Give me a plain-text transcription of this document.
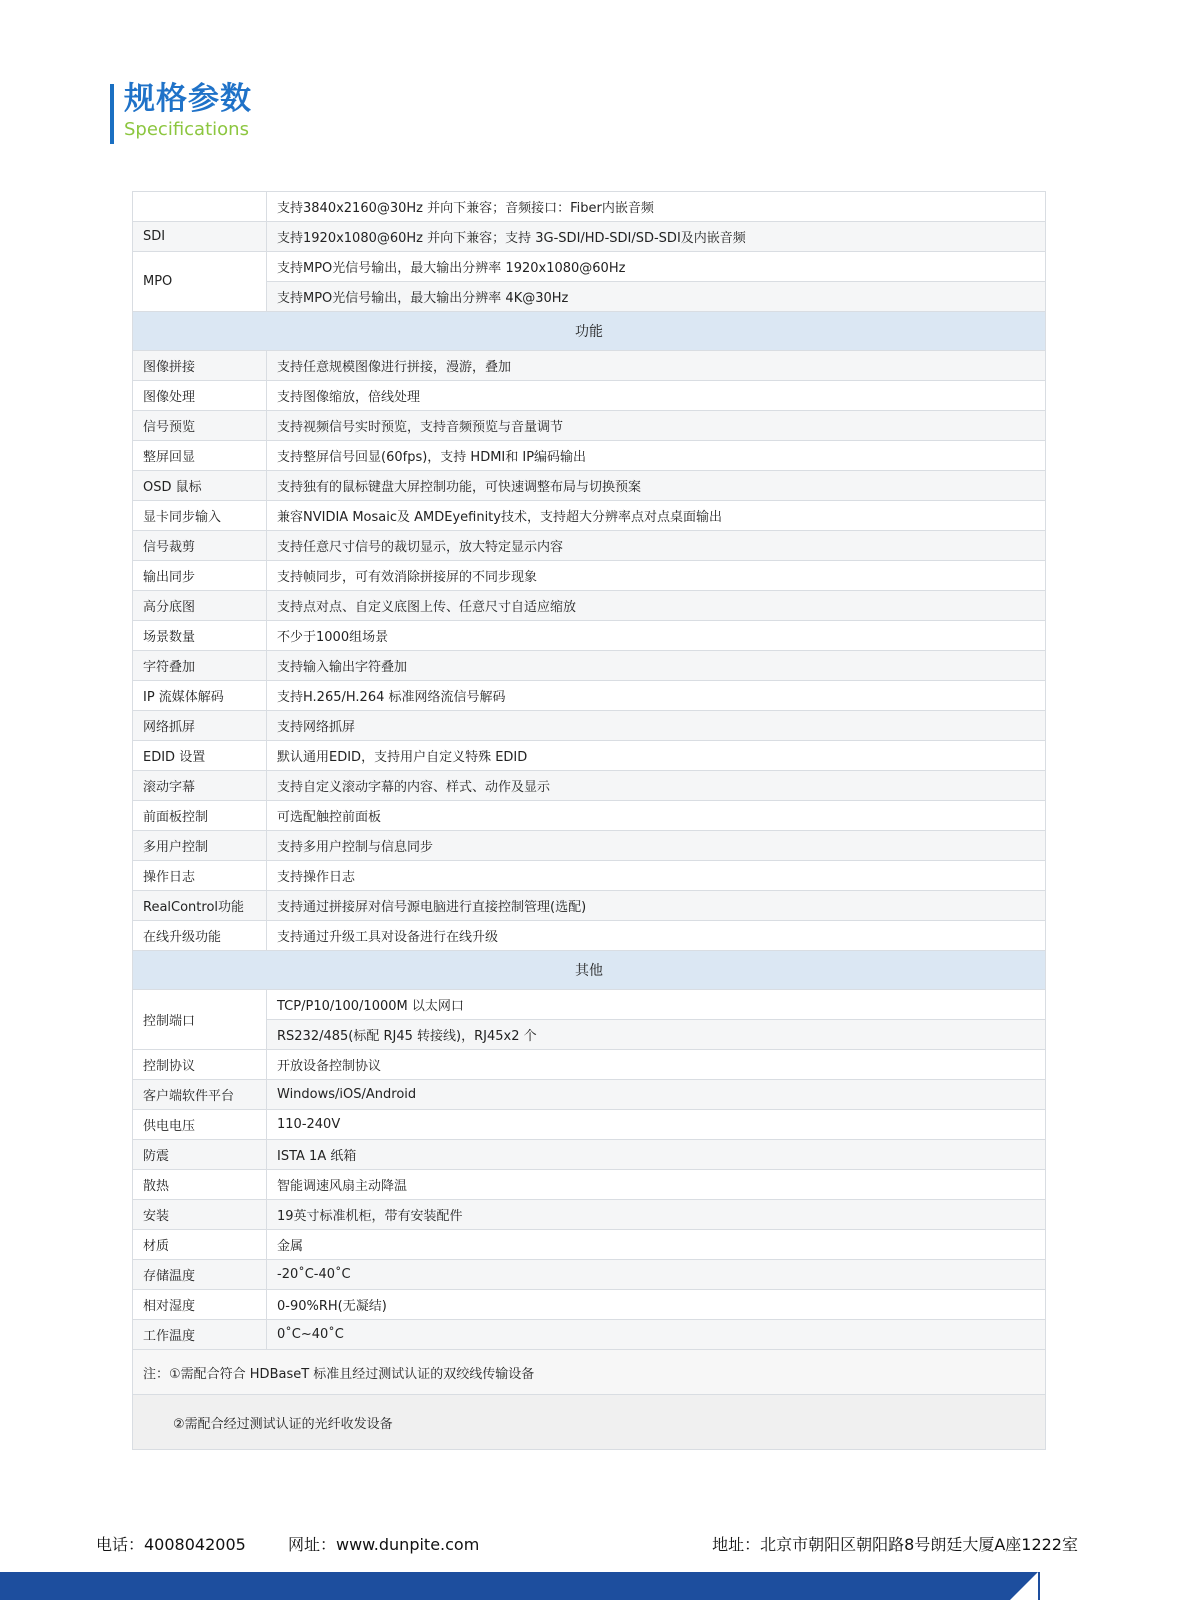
规格参数
Specifications
	支持3840x2160@30Hz 并向下兼容；音频接口：Fiber内嵌音频
SDI	支持1920x1080@60Hz 并向下兼容；支持 3G-SDI/HD-SDI/SD-SDI及内嵌音频
MPO	支持MPO光信号输出，最大输出分辨率 1920x1080@60Hz
	支持MPO光信号输出，最大输出分辨率 4K@30Hz
功能	
图像拼接	支持任意规模图像进行拼接，漫游，叠加
图像处理	支持图像缩放，倍线处理
信号预览	支持视频信号实时预览，支持音频预览与音量调节
整屏回显	支持整屏信号回显(60fps)，支持 HDMI和 IP编码输出
OSD 鼠标	支持独有的鼠标键盘大屏控制功能，可快速调整布局与切换预案
显卡同步输入	兼容NVIDIA Mosaic及 AMDEyefinity技术，支持超大分辨率点对点桌面输出
信号裁剪	支持任意尺寸信号的裁切显示，放大特定显示内容
输出同步	支持帧同步，可有效消除拼接屏的不同步现象
高分底图	支持点对点、自定义底图上传、任意尺寸自适应缩放
场景数量	不少于1000组场景
字符叠加	支持输入输出字符叠加
IP 流媒体解码	支持H.265/H.264 标准网络流信号解码
网络抓屏	支持网络抓屏
EDID 设置	默认通用EDID，支持用户自定义特殊 EDID
滚动字幕	支持自定义滚动字幕的内容、样式、动作及显示
前面板控制	可选配触控前面板
多用户控制	支持多用户控制与信息同步
操作日志	支持操作日志
RealControl功能	支持通过拼接屏对信号源电脑进行直接控制管理(选配)
在线升级功能	支持通过升级工具对设备进行在线升级
其他	
控制端口	TCP/P10/100/1000M 以太网口
	RS232/485(标配 RJ45 转接线)，RJ45x2 个
控制协议	开放设备控制协议
客户端软件平台	Windows/iOS/Android
供电电压	110-240V
防震	ISTA 1A 纸箱
散热	智能调速风扇主动降温
安装	19英寸标准机柜，带有安装配件
材质	金属
存储温度	-20˚C-40˚C
相对湿度	0-90%RH(无凝结)
工作温度	0˚C~40˚C
注：①需配合符合 HDBaseT 标准且经过测试认证的双绞线传输设备	
②需配合经过测试认证的光纤收发设备	
电话：4008042005	网址：www.dunpite.com	地址：北京市朝阳区朝阳路8号朗廷大厦A座1222室
